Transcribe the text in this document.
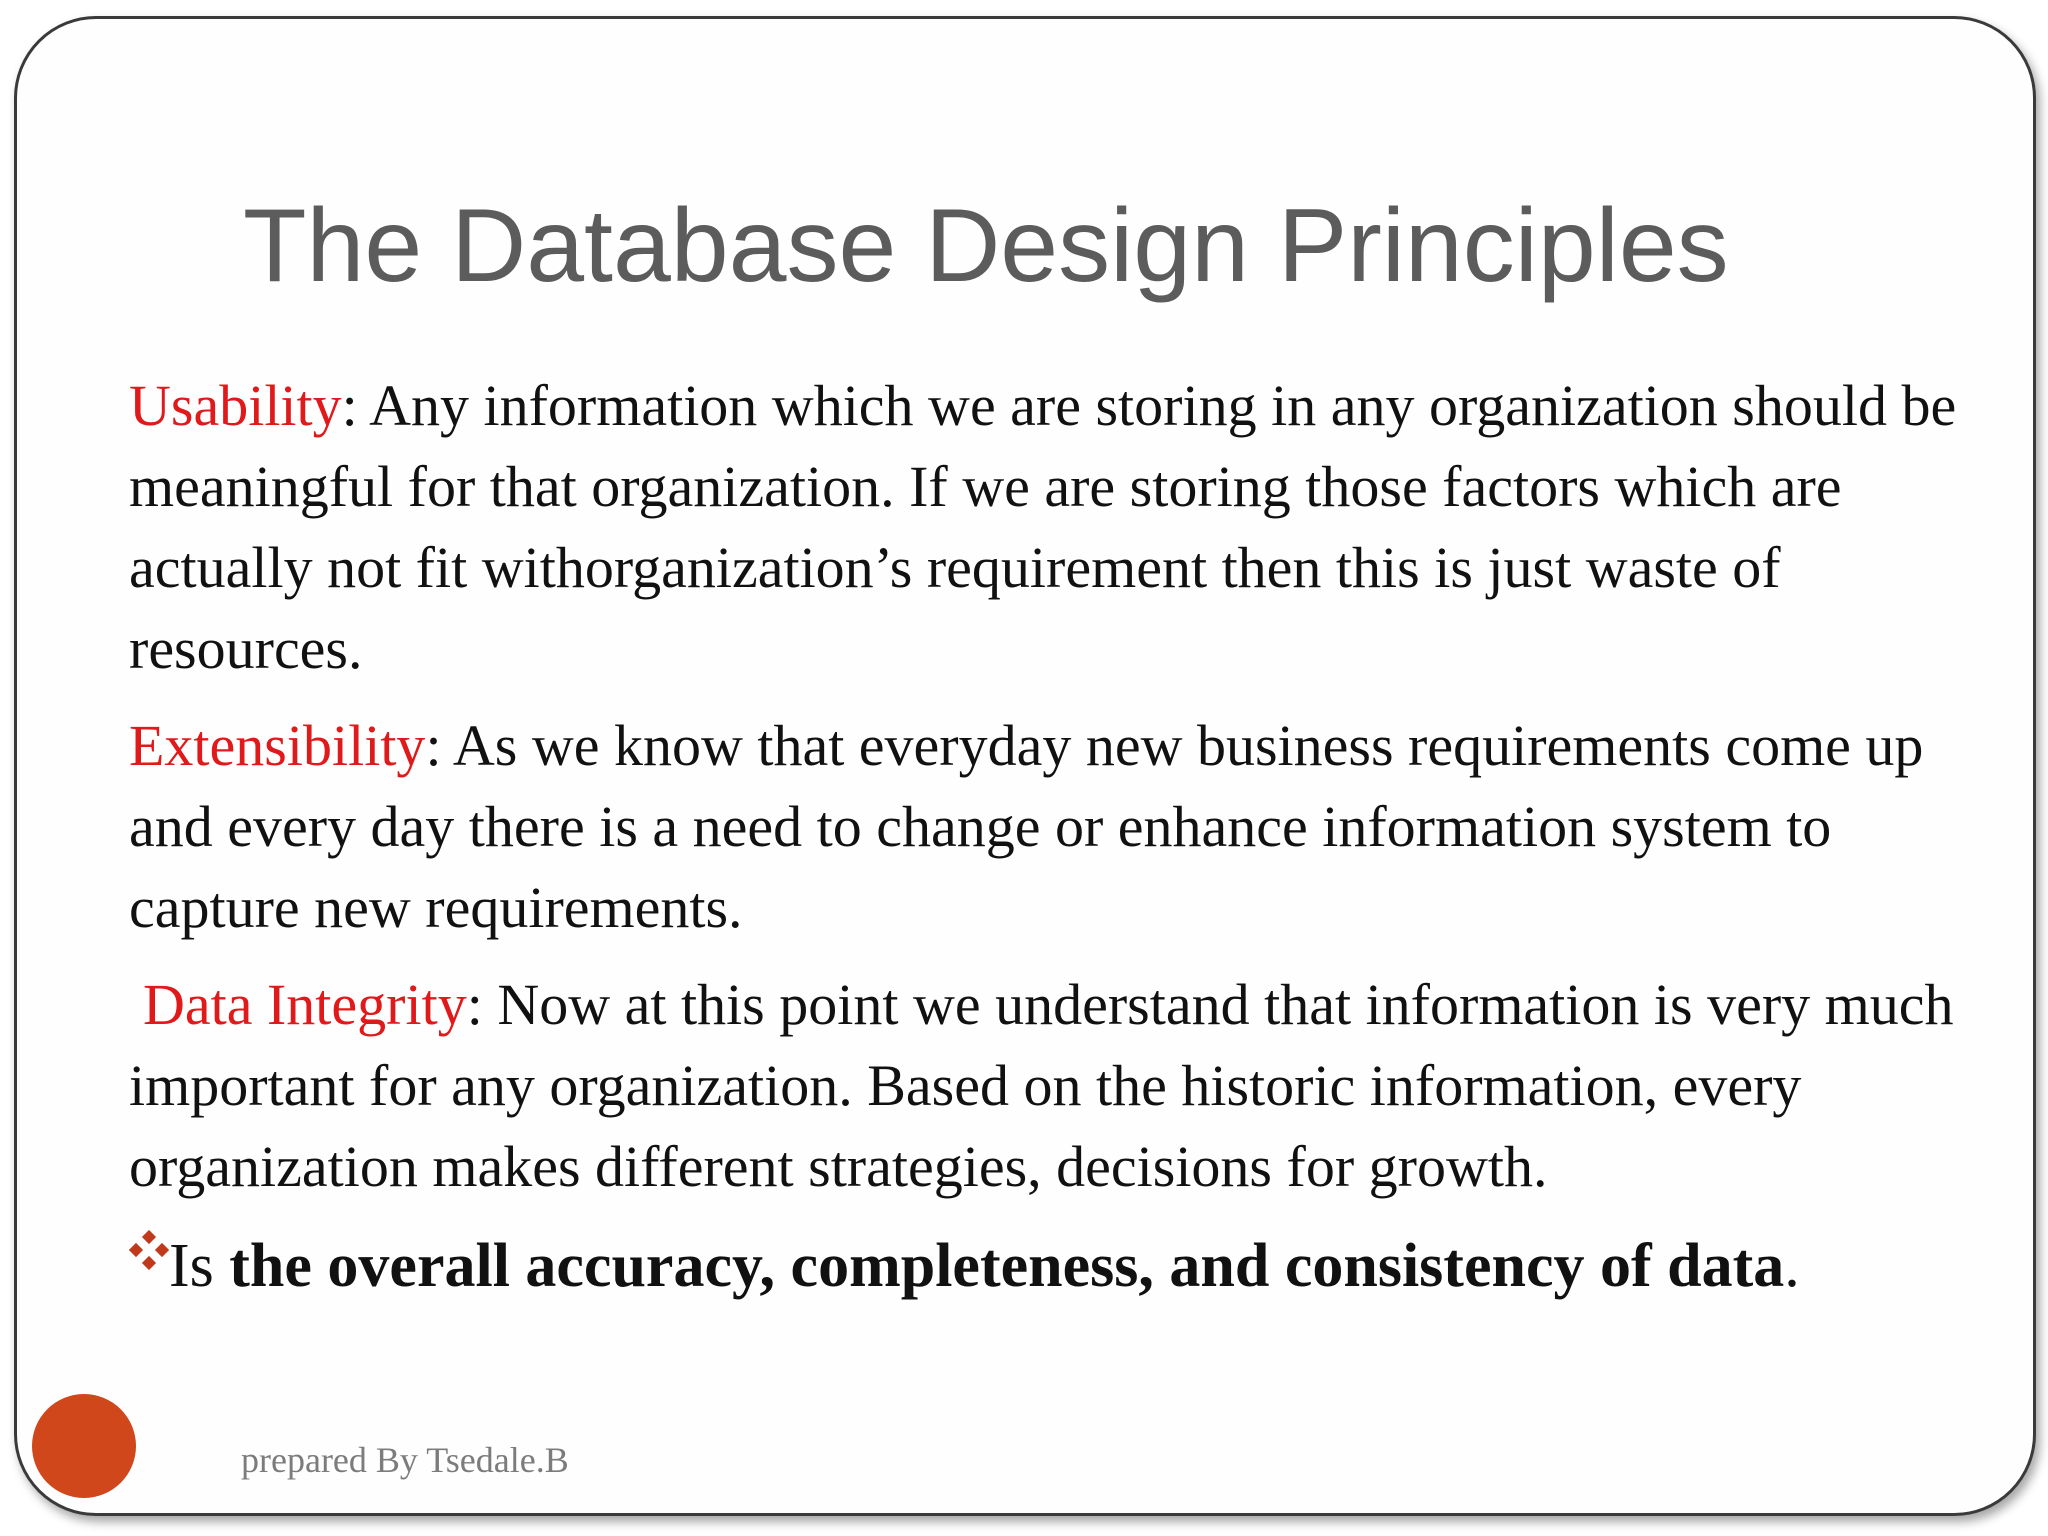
The Database Design Principles

Usability: Any information which we are storing in any organization should be meaningful for that organization. If we are storing those factors which are actually not fit withorganization’s requirement then this is just waste of resources.

Extensibility: As we know that everyday new business requirements come up and every day there is a need to change or enhance information system to capture new requirements.

Data Integrity: Now at this point we understand that information is very much important for any organization. Based on the historic information, every organization makes different strategies, decisions for growth.

Is the overall accuracy, completeness, and consistency of data.
prepared By Tsedale.B
